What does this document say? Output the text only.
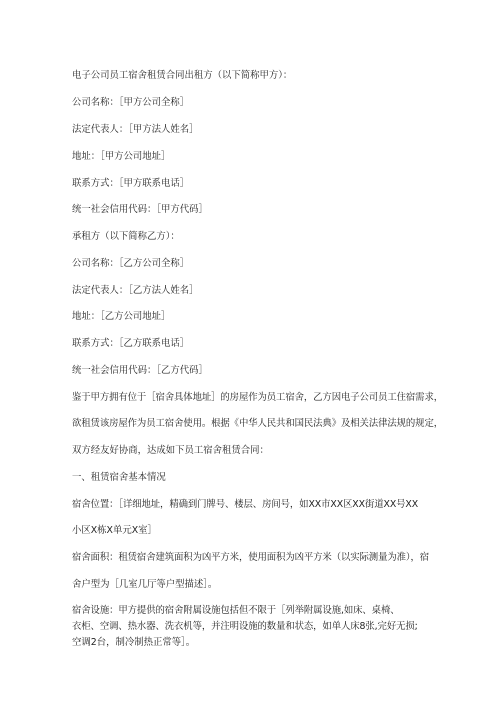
电子公司员工宿舍租赁合同出租方（以下简称甲方）：

公司名称：［甲方公司全称］

法定代表人：［甲方法人姓名］

地址：［甲方公司地址］

联系方式：［甲方联系电话］

统一社会信用代码：［甲方代码］

承租方（以下简称乙方）：

公司名称：［乙方公司全称］

法定代表人：［乙方法人姓名］

地址：［乙方公司地址］

联系方式：［乙方联系电话］

统一社会信用代码：［乙方代码］

鉴于甲方拥有位于［宿舍具体地址］的房屋作为员工宿舍，乙方因电子公司员工住宿需求，

欲租赁该房屋作为员工宿舍使用。根据《中华人民共和国民法典》及相关法律法规的规定，

双方经友好协商，达成如下员工宿舍租赁合同：

一、租赁宿舍基本情况

宿舍位置：［详细地址，精确到门牌号、楼层、房间号，如XX市XX区XX街道XX号XX

小区X栋X单元X室］

宿舍面积：租赁宿舍建筑面积为凶平方米，使用面积为凶平方米（以实际测量为准），宿

舍户型为［几室几厅等户型描述］。

宿舍设施：甲方提供的宿舍附属设施包括但不限于［列举附属设施,如床、桌椅、

衣柜、空调、热水器、洗衣机等，并注明设施的数量和状态，如单人床8张,完好无损;

空调2台，制冷制热正常等］。
